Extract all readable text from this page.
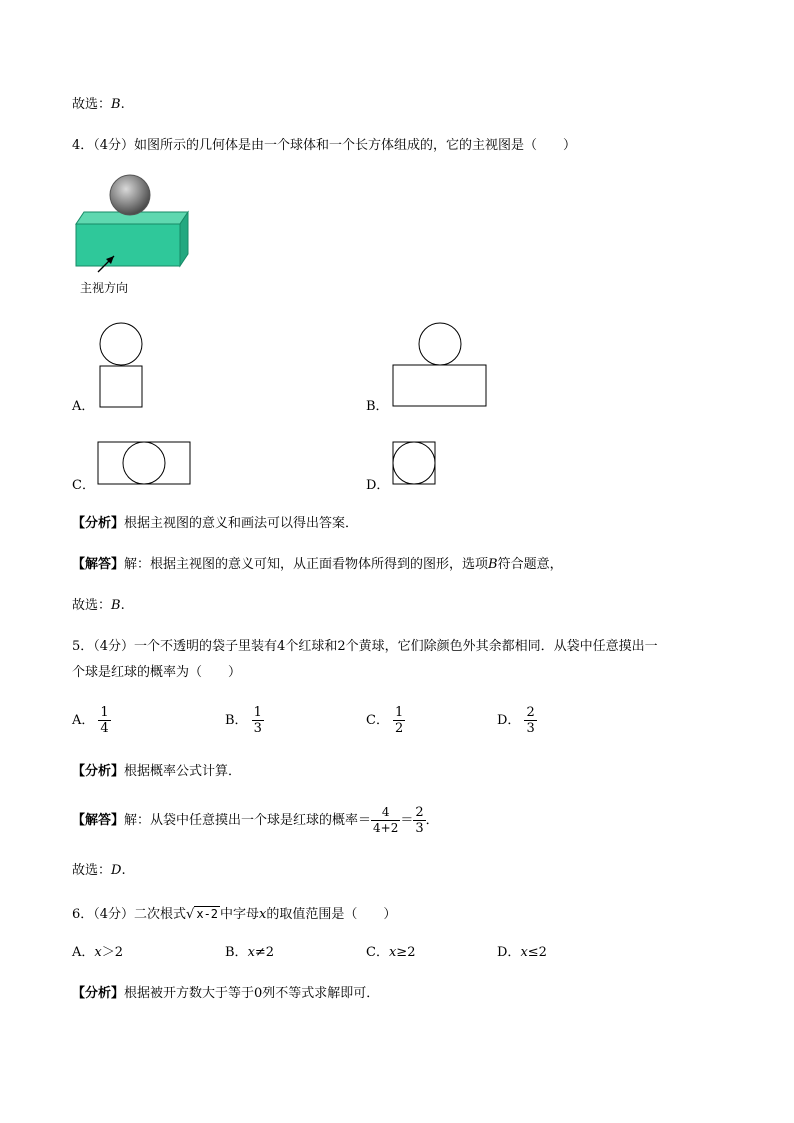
故选：B.
4．（4分）如图所示的几何体是由一个球体和一个长方体组成的，它的主视图是（　　）
主视方向
A．	B．
C．	D．
【分析】根据主视图的意义和画法可以得出答案．
【解答】解：根据主视图的意义可知，从正面看物体所得到的图形，选项B符合题意，
故选：B.
5．（4分）一个不透明的袋子里装有4个红球和2个黄球，它们除颜色外其余都相同．从袋中任意摸出一
个球是红球的概率为（　　）
A． $\frac{1}{4}$	B． $\frac{1}{3}$	C． $\frac{1}{2}$	D． $\frac{2}{3}$
【分析】根据概率公式计算．
【解答】解：从袋中任意摸出一个球是红球的概率＝ $\frac{4}{4+2} = \frac{2}{3}$ ．
故选：D.
6．（4分）二次根式√ x-2 中字母x的取值范围是（　　）
A．x＞2	B．x≠2	C．x≥2	D．x≤2
【分析】根据被开方数大于等于0列不等式求解即可．
